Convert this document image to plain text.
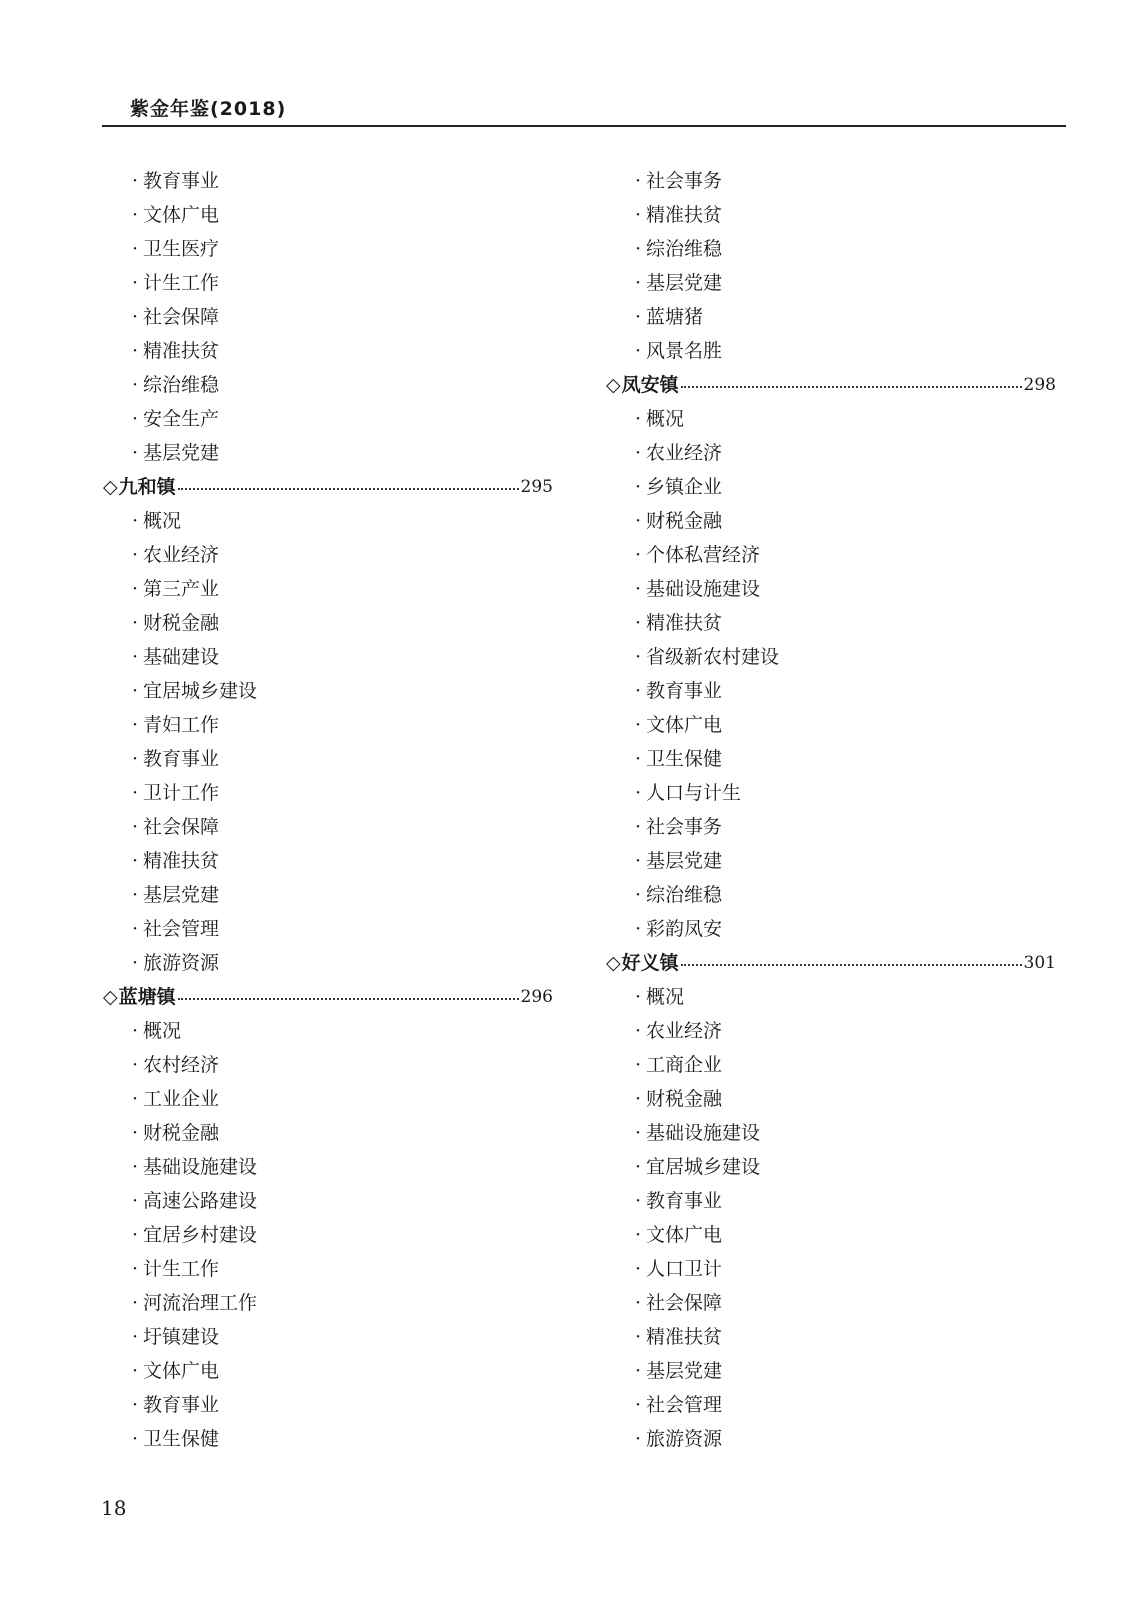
紫金年鉴(2018)
· 教育事业
· 文体广电
· 卫生医疗
· 计生工作
· 社会保障
· 精准扶贫
· 综治维稳
· 安全生产
· 基层党建
◇ 九和镇	295
· 概况
· 农业经济
· 第三产业
· 财税金融
· 基础建设
· 宜居城乡建设
· 青妇工作
· 教育事业
· 卫计工作
· 社会保障
· 精准扶贫
· 基层党建
· 社会管理
· 旅游资源
◇ 蓝塘镇	296
· 概况
· 农村经济
· 工业企业
· 财税金融
· 基础设施建设
· 高速公路建设
· 宜居乡村建设
· 计生工作
· 河流治理工作
· 圩镇建设
· 文体广电
· 教育事业
· 卫生保健
· 社会事务
· 精准扶贫
· 综治维稳
· 基层党建
· 蓝塘猪
· 风景名胜
◇ 凤安镇	298
· 概况
· 农业经济
· 乡镇企业
· 财税金融
· 个体私营经济
· 基础设施建设
· 精准扶贫
· 省级新农村建设
· 教育事业
· 文体广电
· 卫生保健
· 人口与计生
· 社会事务
· 基层党建
· 综治维稳
· 彩韵凤安
◇ 好义镇	301
· 概况
· 农业经济
· 工商企业
· 财税金融
· 基础设施建设
· 宜居城乡建设
· 教育事业
· 文体广电
· 人口卫计
· 社会保障
· 精准扶贫
· 基层党建
· 社会管理
· 旅游资源
18
